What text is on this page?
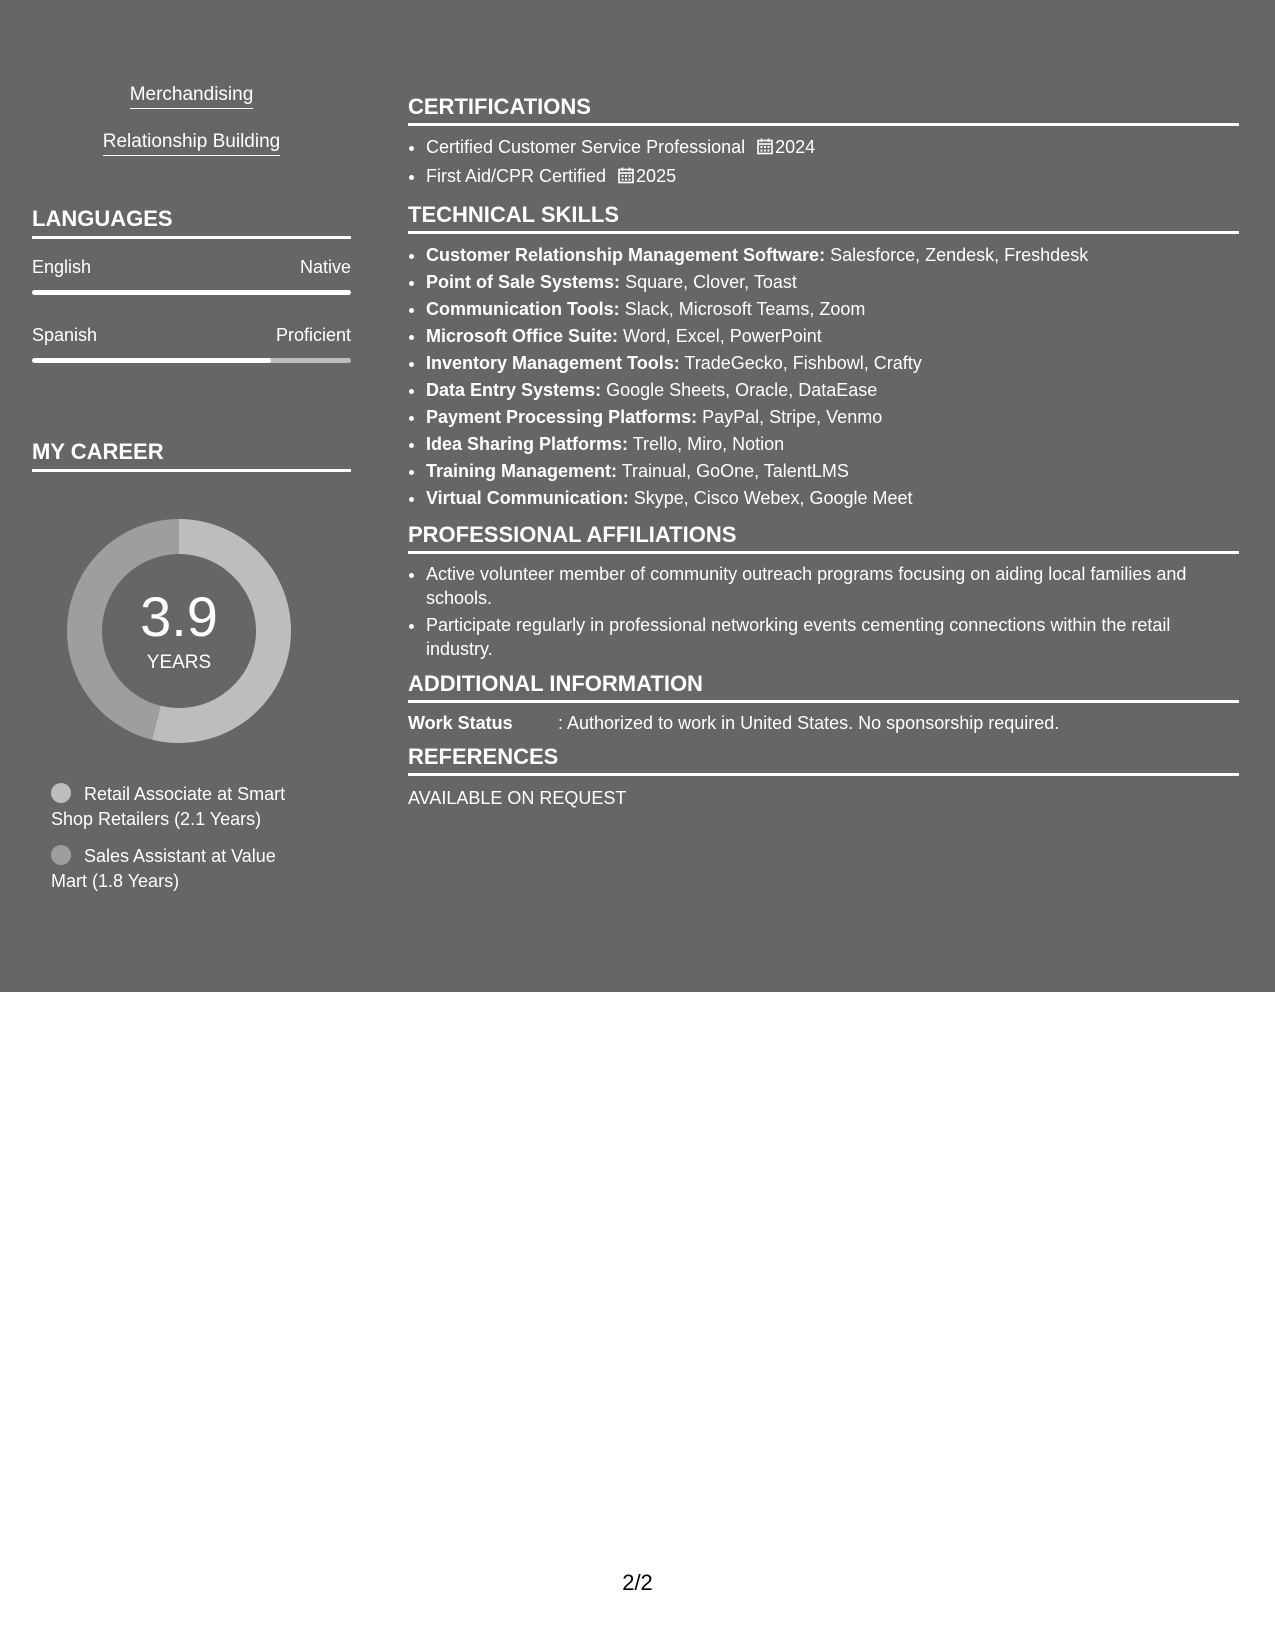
Merchandising
Relationship Building
LANGUAGES
English	Native
Spanish	Proficient
MY CAREER
3.9
YEARS
Retail Associate at Smart Shop Retailers (2.1 Years)
Sales Assistant at Value Mart (1.8 Years)
CERTIFICATIONS
• Certified Customer Service Professional 2024
• First Aid/CPR Certified 2025
TECHNICAL SKILLS
• Customer Relationship Management Software: Salesforce, Zendesk, Freshdesk
• Point of Sale Systems: Square, Clover, Toast
• Communication Tools: Slack, Microsoft Teams, Zoom
• Microsoft Office Suite: Word, Excel, PowerPoint
• Inventory Management Tools: TradeGecko, Fishbowl, Crafty
• Data Entry Systems: Google Sheets, Oracle, DataEase
• Payment Processing Platforms: PayPal, Stripe, Venmo
• Idea Sharing Platforms: Trello, Miro, Notion
• Training Management: Trainual, GoOne, TalentLMS
• Virtual Communication: Skype, Cisco Webex, Google Meet
PROFESSIONAL AFFILIATIONS
• Active volunteer member of community outreach programs focusing on aiding local families and schools.
• Participate regularly in professional networking events cementing connections within the retail industry.
ADDITIONAL INFORMATION
Work Status	: Authorized to work in United States. No sponsorship required.
REFERENCES
AVAILABLE ON REQUEST
2/2
